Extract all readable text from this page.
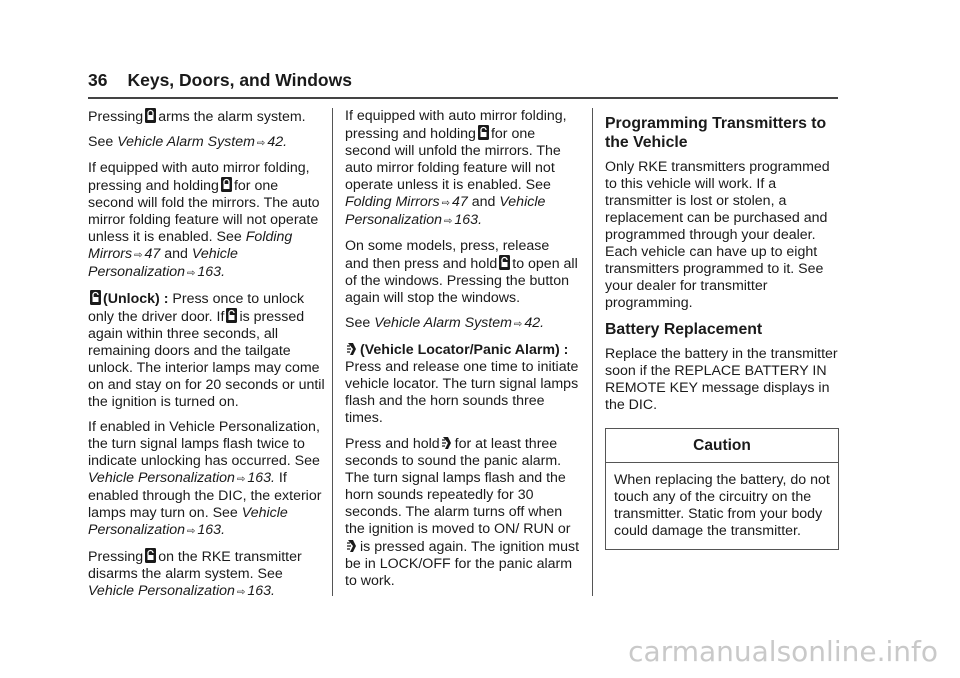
36 Keys, Doors, and Windows

Pressing arms the alarm system.

See Vehicle Alarm System ⇨ 42.

If equipped with auto mirror folding,
pressing and holding for one second will fold the mirrors. The auto mirror folding feature will not operate unless it is enabled. See Folding Mirrors ⇨ 47 and Vehicle Personalization ⇨ 163.

(Unlock) : Press once to unlock only the driver door. If is pressed again within three seconds, all remaining doors and the tailgate unlock. The interior lamps may come on and stay on for 20 seconds or until the ignition is turned on.

If enabled in Vehicle Personalization, the turn signal lamps flash twice to indicate unlocking has occurred. See Vehicle Personalization ⇨ 163. If enabled through the DIC, the exterior lamps may turn on. See Vehicle Personalization ⇨ 163.

Pressing on the RKE transmitter disarms the alarm system. See Vehicle Personalization ⇨ 163.

If equipped with auto mirror folding,
pressing and holding for one second will unfold the mirrors. The auto mirror folding feature will not operate unless it is enabled. See Folding Mirrors ⇨ 47 and Vehicle Personalization ⇨ 163.

On some models, press, release
and then press and hold to open all of the windows. Pressing the button again will stop the windows.

See Vehicle Alarm System ⇨ 42.

(Vehicle Locator/Panic Alarm) : Press and release one time to initiate vehicle locator. The turn signal lamps flash and the horn sounds three times.

Press and hold for at least three seconds to sound the panic alarm. The turn signal lamps flash and the horn sounds repeatedly for 30 seconds. The alarm turns off when the ignition is moved to ON/ RUN oris pressed again. The ignition must be in LOCK/OFF for the panic alarm to work.

Programming Transmitters to the Vehicle

Only RKE transmitters programmed to this vehicle will work. If a transmitter is lost or stolen, a replacement can be purchased and programmed through your dealer. Each vehicle can have up to eight transmitters programmed to it. See your dealer for transmitter programming.

Battery Replacement

Replace the battery in the transmitter soon if the REPLACE BATTERY IN REMOTE KEY message displays in the DIC.

Caution
When replacing the battery, do not touch any of the circuitry on the transmitter. Static from your body could damage the transmitter.
carmanualsonline.info
